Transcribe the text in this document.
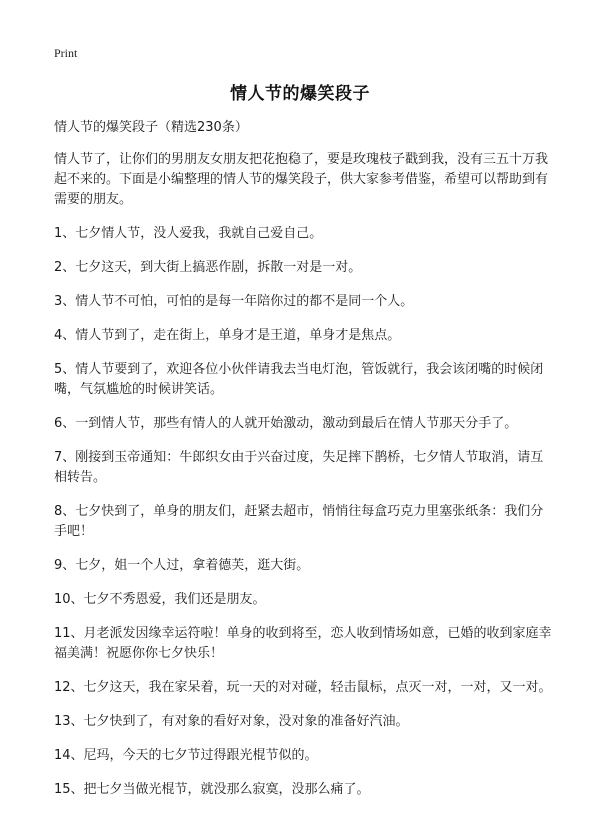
Print
情人节的爆笑段子

情人节的爆笑段子（精选230条）

情人节了，让你们的男朋友女朋友把花抱稳了，要是玫瑰枝子戳到我，没有三五十万我起不来的。下面是小编整理的情人节的爆笑段子，供大家参考借鉴，希望可以帮助到有需要的朋友。

1、七夕情人节，没人爱我，我就自己爱自己。

2、七夕这天，到大街上搞恶作剧，拆散一对是一对。

3、情人节不可怕，可怕的是每一年陪你过的都不是同一个人。

4、情人节到了，走在街上，单身才是王道，单身才是焦点。

5、情人节要到了，欢迎各位小伙伴请我去当电灯泡，管饭就行，我会该闭嘴的时候闭嘴，气氛尴尬的时候讲笑话。

6、一到情人节，那些有情人的人就开始激动，激动到最后在情人节那天分手了。

7、刚接到玉帝通知：牛郎织女由于兴奋过度，失足摔下鹊桥，七夕情人节取消，请互相转告。

8、七夕快到了，单身的朋友们，赶紧去超市，悄悄往每盒巧克力里塞张纸条：我们分手吧！

9、七夕，姐一个人过，拿着德芙，逛大街。

10、七夕不秀恩爱，我们还是朋友。

11、月老派发因缘幸运符啦！单身的收到将至，恋人收到情场如意，已婚的收到家庭幸福美满！祝愿你你七夕快乐！

12、七夕这天，我在家呆着，玩一天的对对碰，轻击鼠标，点灭一对，一对，又一对。

13、七夕快到了，有对象的看好对象，没对象的准备好汽油。

14、尼玛，今天的七夕节过得跟光棍节似的。

15、把七夕当做光棍节，就没那么寂寞，没那么痛了。
